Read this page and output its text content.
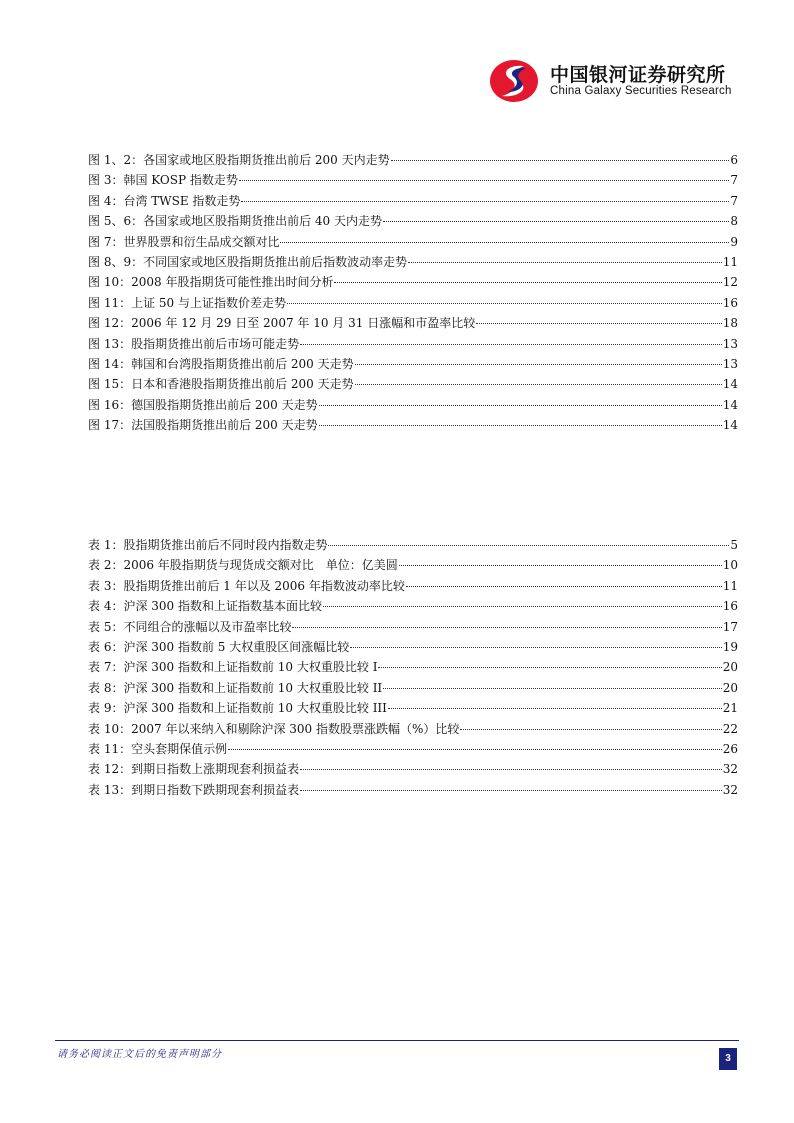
中国银河证券研究所
China Galaxy Securities Research
图 1、2：各国家或地区股指期货推出前后 200 天内走势	6
图 3：韩国 KOSP 指数走势	7
图 4：台湾 TWSE 指数走势	7
图 5、6：各国家或地区股指期货推出前后 40 天内走势	8
图 7：世界股票和衍生品成交额对比	9
图 8、9：不同国家或地区股指期货推出前后指数波动率走势	11
图 10：2008 年股指期货可能性推出时间分析	12
图 11：上证 50 与上证指数价差走势	16
图 12：2006 年 12 月 29 日至 2007 年 10 月 31 日涨幅和市盈率比较	18
图 13：股指期货推出前后市场可能走势	13
图 14：韩国和台湾股指期货推出前后 200 天走势	13
图 15：日本和香港股指期货推出前后 200 天走势	14
图 16：德国股指期货推出前后 200 天走势	14
图 17：法国股指期货推出前后 200 天走势	14
表 1：股指期货推出前后不同时段内指数走势	5
表 2：2006 年股指期货与现货成交额对比　单位：亿美圆	10
表 3：股指期货推出前后 1 年以及 2006 年指数波动率比较	11
表 4：沪深 300 指数和上证指数基本面比较	16
表 5：不同组合的涨幅以及市盈率比较	17
表 6：沪深 300 指数前 5 大权重股区间涨幅比较	19
表 7：沪深 300 指数和上证指数前 10 大权重股比较 I	20
表 8：沪深 300 指数和上证指数前 10 大权重股比较 II	20
表 9：沪深 300 指数和上证指数前 10 大权重股比较 III	21
表 10：2007 年以来纳入和剔除沪深 300 指数股票涨跌幅（%）比较	22
表 11：空头套期保值示例	26
表 12：到期日指数上涨期现套利损益表	32
表 13：到期日指数下跌期现套利损益表	32
请务必阅读正文后的免责声明部分	3
